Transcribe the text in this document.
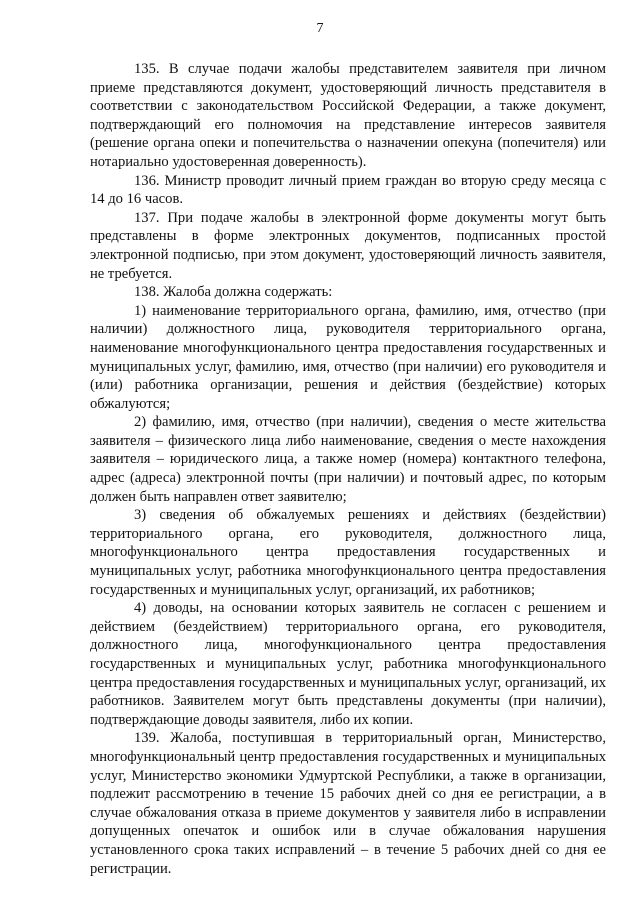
7

135. В случае подачи жалобы представителем заявителя при личном приеме представляются документ, удостоверяющий личность представителя в соответствии с законодательством Российской Федерации, а также документ, подтверждающий его полномочия на представление интересов заявителя (решение органа опеки и попечительства о назначении опекуна (попечителя) или нотариально удостоверенная доверенность).

136. Министр проводит личный прием граждан во вторую среду месяца с 14 до 16 часов.

137. При подаче жалобы в электронной форме документы могут быть представлены в форме электронных документов, подписанных простой электронной подписью, при этом документ, удостоверяющий личность заявителя, не требуется.

138. Жалоба должна содержать:

1) наименование территориального органа, фамилию, имя, отчество (при наличии) должностного лица, руководителя территориального органа, наименование многофункционального центра предоставления государственных и муниципальных услуг, фамилию, имя, отчество (при наличии) его руководителя и (или) работника организации, решения и действия (бездействие) которых обжалуются;

2) фамилию, имя, отчество (при наличии), сведения о месте жительства заявителя – физического лица либо наименование, сведения о месте нахождения заявителя – юридического лица, а также номер (номера) контактного телефона, адрес (адреса) электронной почты (при наличии) и почтовый адрес, по которым должен быть направлен ответ заявителю;

3) сведения об обжалуемых решениях и действиях (бездействии) территориального органа, его руководителя, должностного лица, многофункционального центра предоставления государственных и муниципальных услуг, работника многофункционального центра предоставления государственных и муниципальных услуг, организаций, их работников;

4) доводы, на основании которых заявитель не согласен с решением и действием (бездействием) территориального органа, его руководителя, должностного лица, многофункционального центра предоставления государственных и муниципальных услуг, работника многофункционального центра предоставления государственных и муниципальных услуг, организаций, их работников. Заявителем могут быть представлены документы (при наличии), подтверждающие доводы заявителя, либо их копии.

139. Жалоба, поступившая в территориальный орган, Министерство, многофункциональный центр предоставления государственных и муниципальных услуг, Министерство экономики Удмуртской Республики, а также в организации, подлежит рассмотрению в течение 15 рабочих дней со дня ее регистрации, а в случае обжалования отказа в приеме документов у заявителя либо в исправлении допущенных опечаток и ошибок или в случае обжалования нарушения установленного срока таких исправлений – в течение 5 рабочих дней со дня ее регистрации.
